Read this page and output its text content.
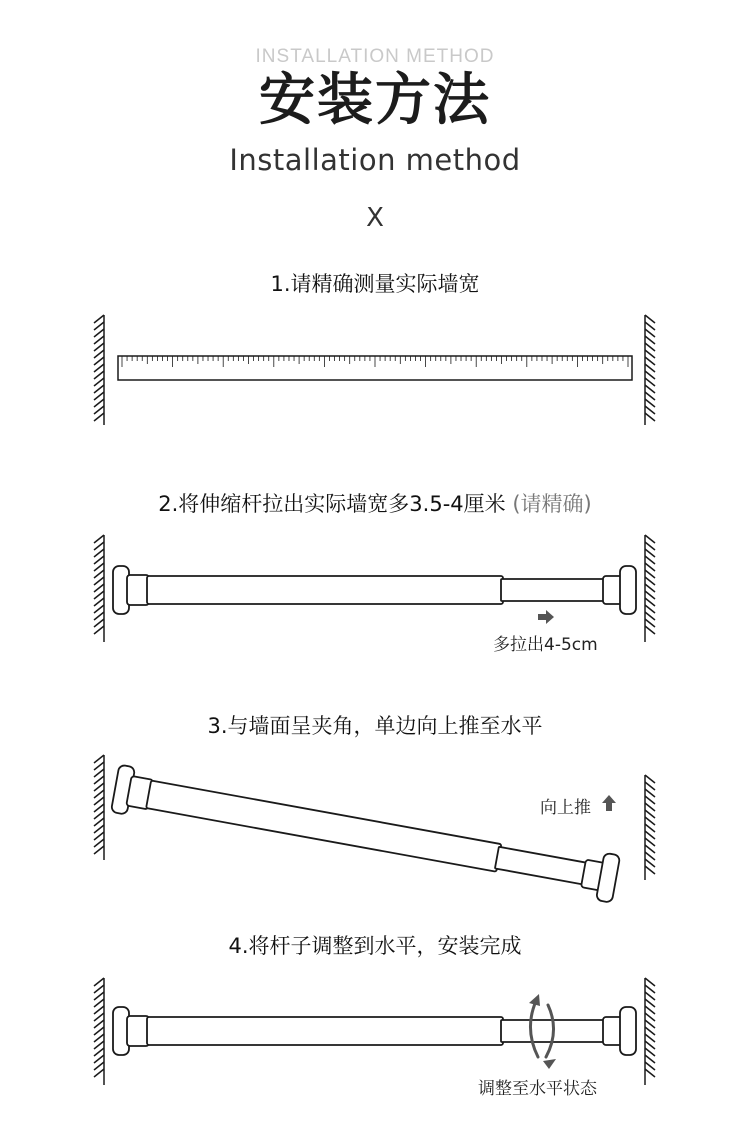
INSTALLATION METHOD
安装方法
Installation method
X
1.请精确测量实际墙宽
2.将伸缩杆拉出实际墙宽多3.5-4厘米 (请精确)
多拉出4-5cm
3.与墙面呈夹角，单边向上推至水平
向上推
4.将杆子调整到水平，安装完成
调整至水平状态
